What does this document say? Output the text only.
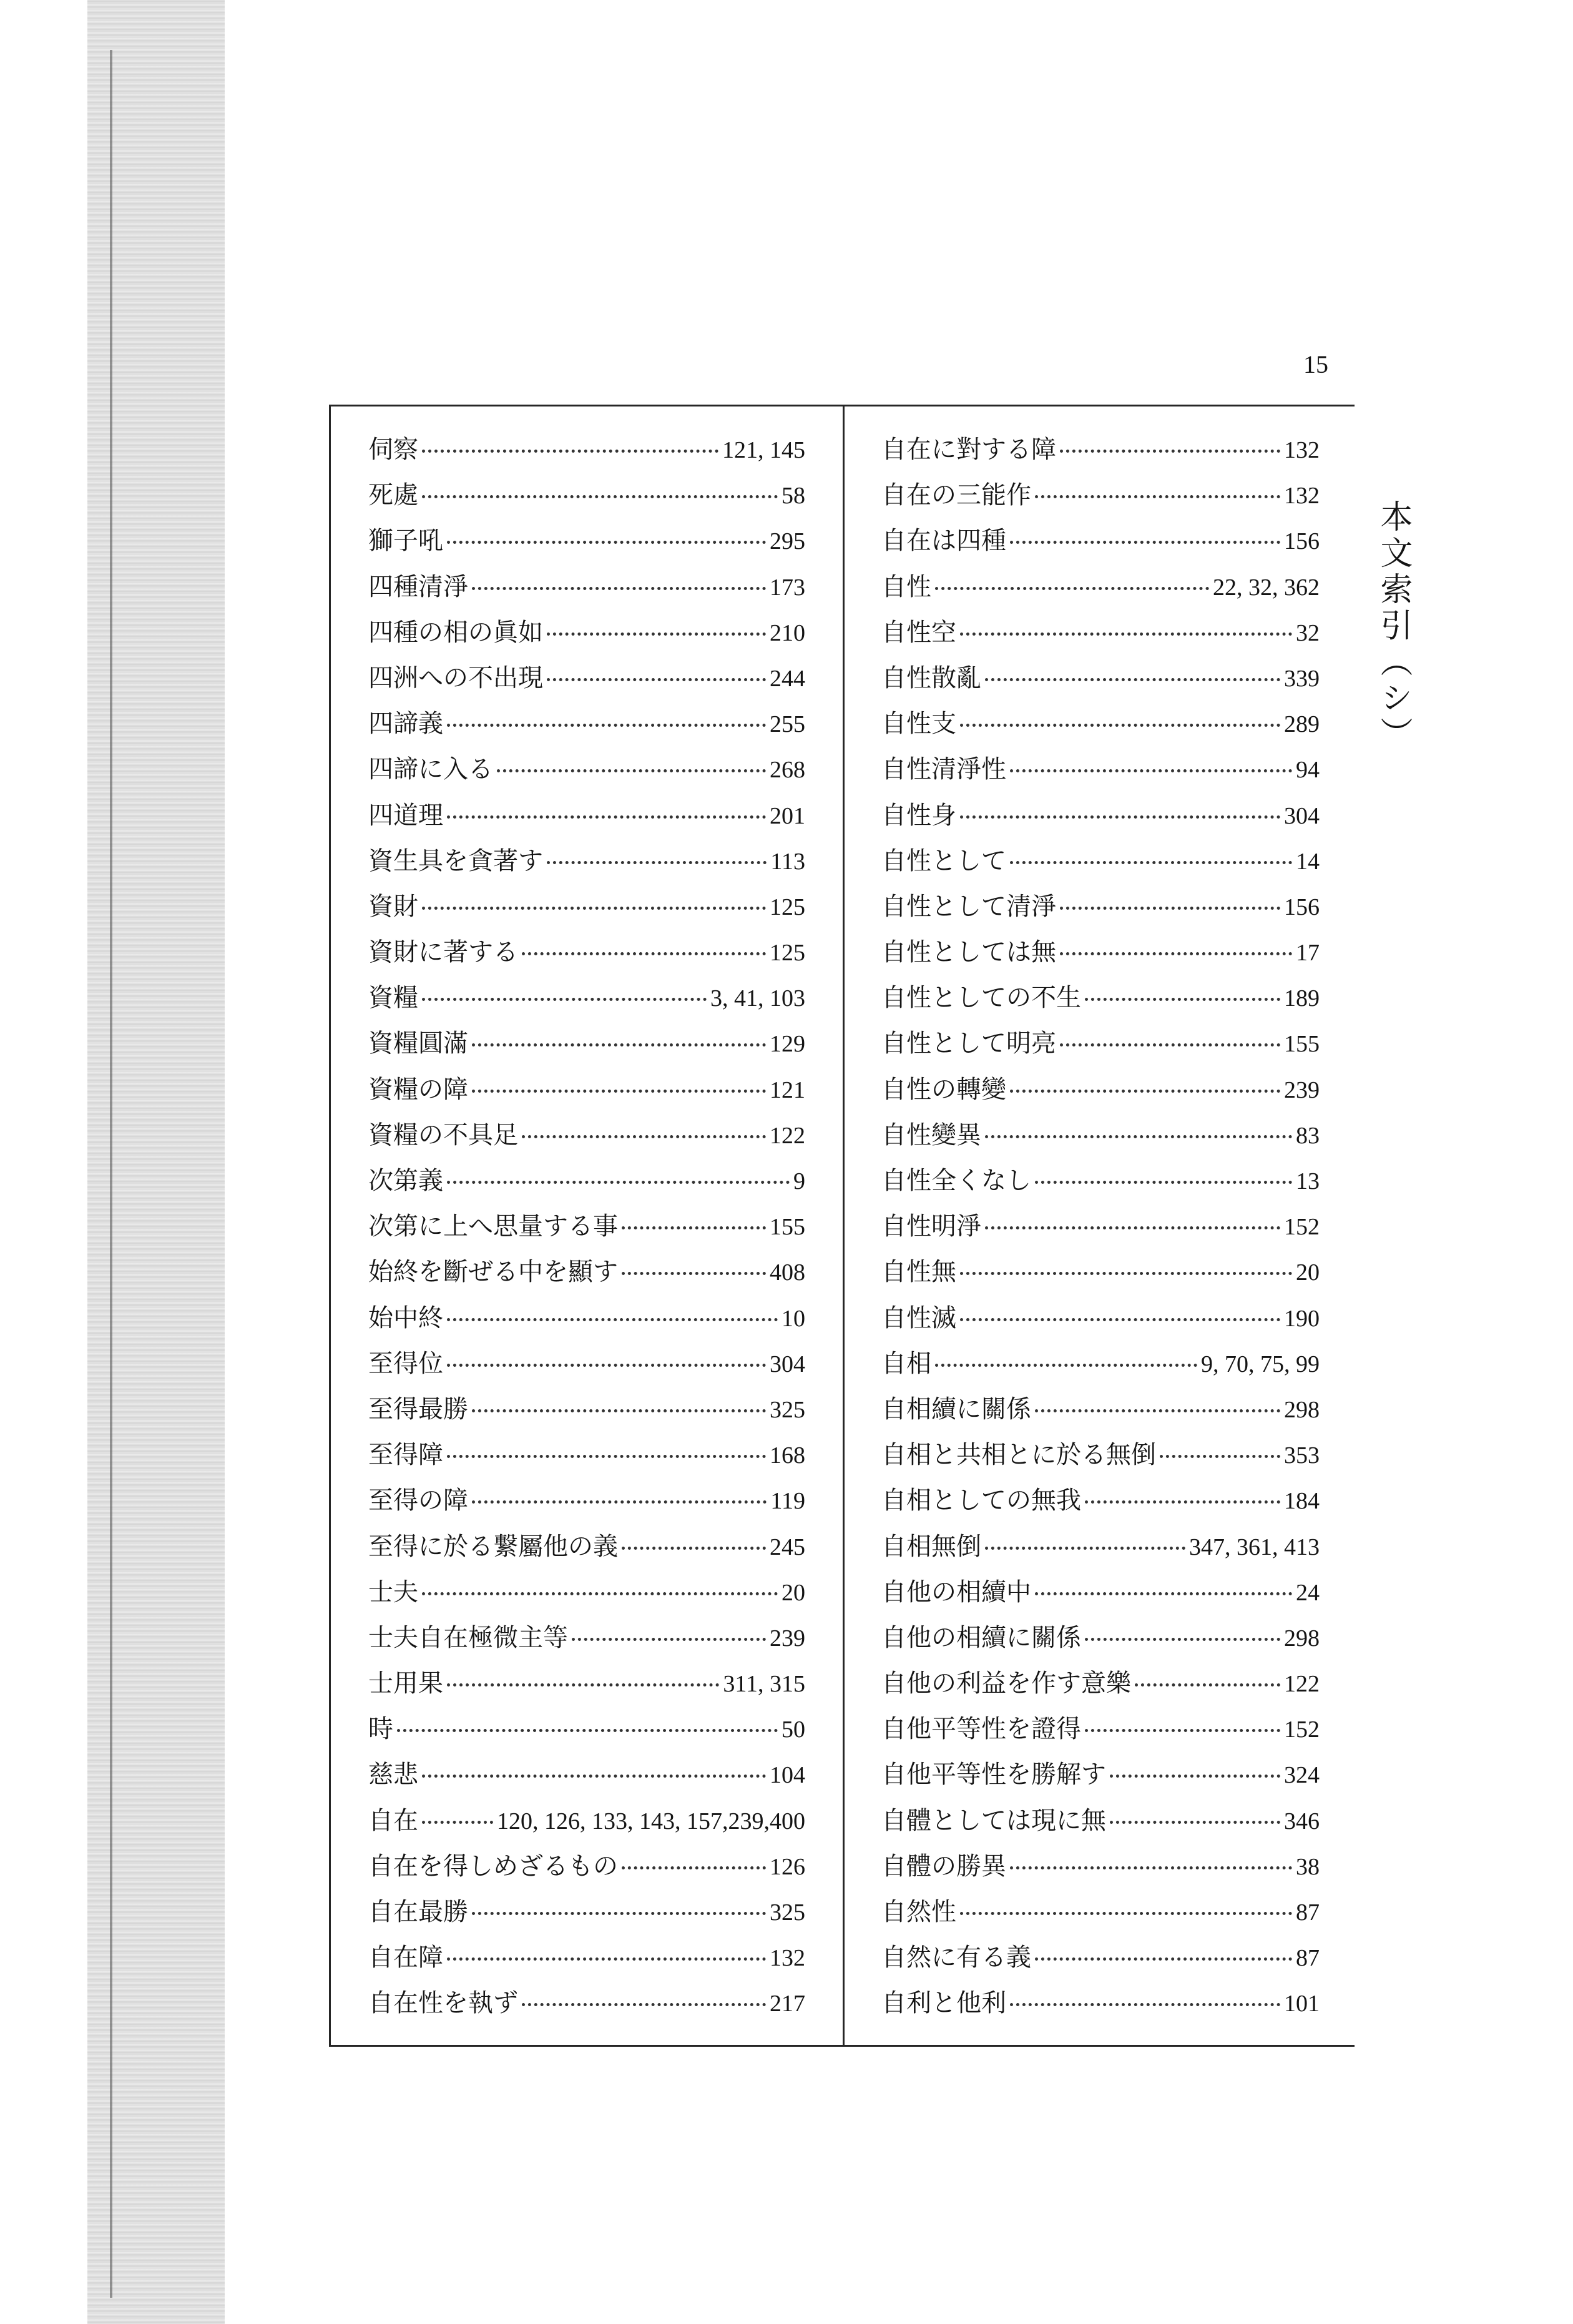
15
本文索引（シ）
伺察	121, 145
死處	58
獅子吼	295
四種清淨	173
四種の相の眞如	210
四洲への不出現	244
四諦義	255
四諦に入る	268
四道理	201
資生具を貪著す	113
資財	125
資財に著する	125
資糧	3, 41, 103
資糧圓滿	129
資糧の障	121
資糧の不具足	122
次第義	9
次第に上へ思量する事	155
始終を斷ぜる中を顯す	408
始中終	10
至得位	304
至得最勝	325
至得障	168
至得の障	119
至得に於る繋屬他の義	245
士夫	20
士夫自在極微主等	239
士用果	311, 315
時	50
慈悲	104
自在	120, 126, 133, 143, 157,239,400
自在を得しめざるもの	126
自在最勝	325
自在障	132
自在性を執ず	217
自在に對する障	132
自在の三能作	132
自在は四種	156
自性	22, 32, 362
自性空	32
自性散亂	339
自性支	289
自性清淨性	94
自性身	304
自性として	14
自性として清淨	156
自性としては無	17
自性としての不生	189
自性として明亮	155
自性の轉變	239
自性變異	83
自性全くなし	13
自性明淨	152
自性無	20
自性滅	190
自相	9, 70, 75, 99
自相續に關係	298
自相と共相とに於る無倒	353
自相としての無我	184
自相無倒	347, 361, 413
自他の相續中	24
自他の相續に關係	298
自他の利益を作す意樂	122
自他平等性を證得	152
自他平等性を勝解す	324
自體としては現に無	346
自體の勝異	38
自然性	87
自然に有る義	87
自利と他利	101
